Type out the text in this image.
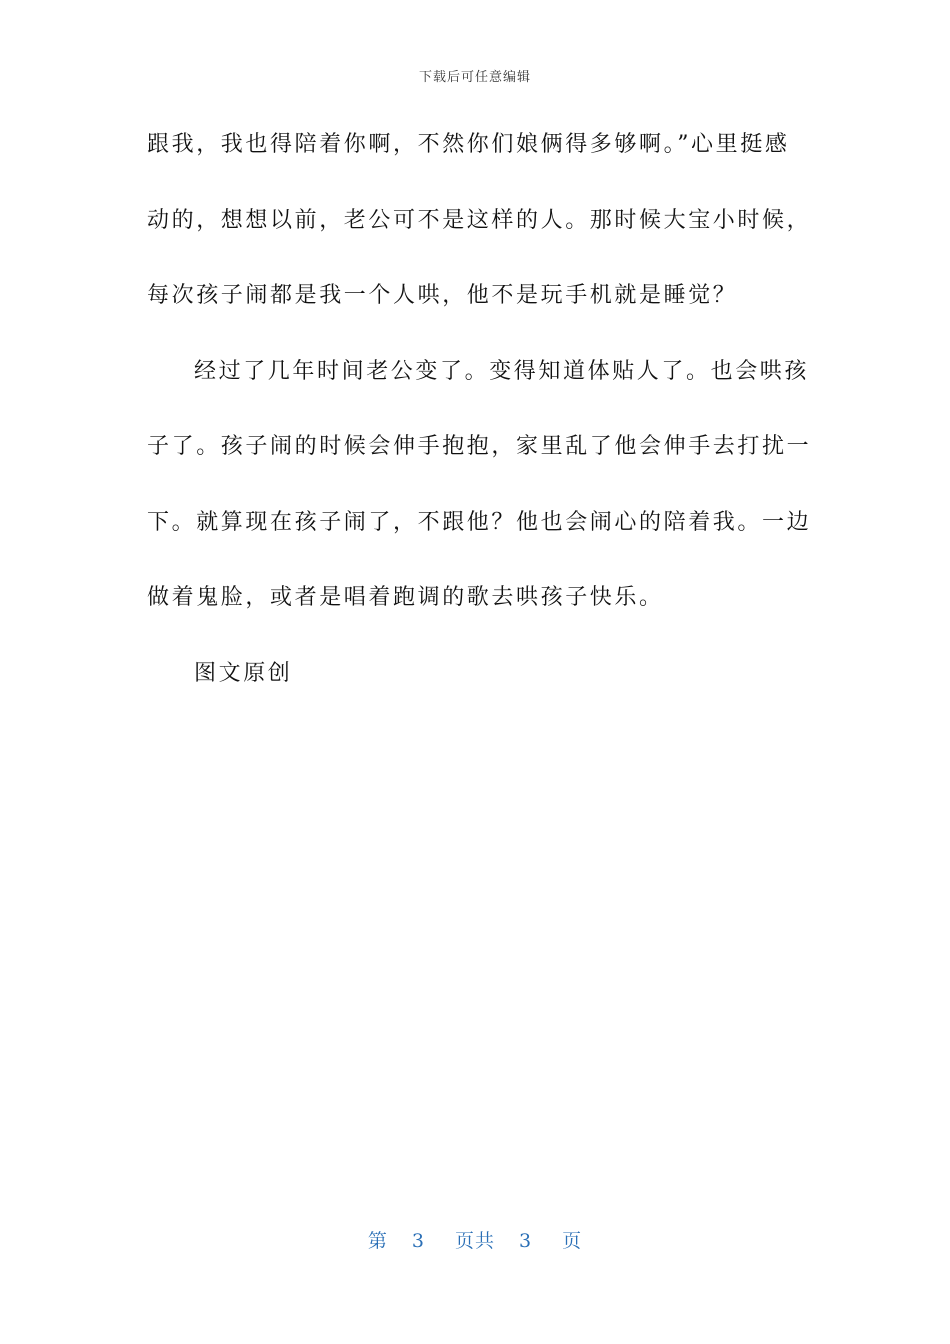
下载后可任意编辑
跟我，我也得陪着你啊，不然你们娘俩得多够啊。”心里挺感
动的，想想以前，老公可不是这样的人。那时候大宝小时候，
每次孩子闹都是我一个人哄，他不是玩手机就是睡觉？
经过了几年时间老公变了。变得知道体贴人了。也会哄孩
子了。孩子闹的时候会伸手抱抱，家里乱了他会伸手去打扰一
下。就算现在孩子闹了，不跟他？他也会闹心的陪着我。一边
做着鬼脸，或者是唱着跑调的歌去哄孩子快乐。
图文原创
第 3 页共 3 页
